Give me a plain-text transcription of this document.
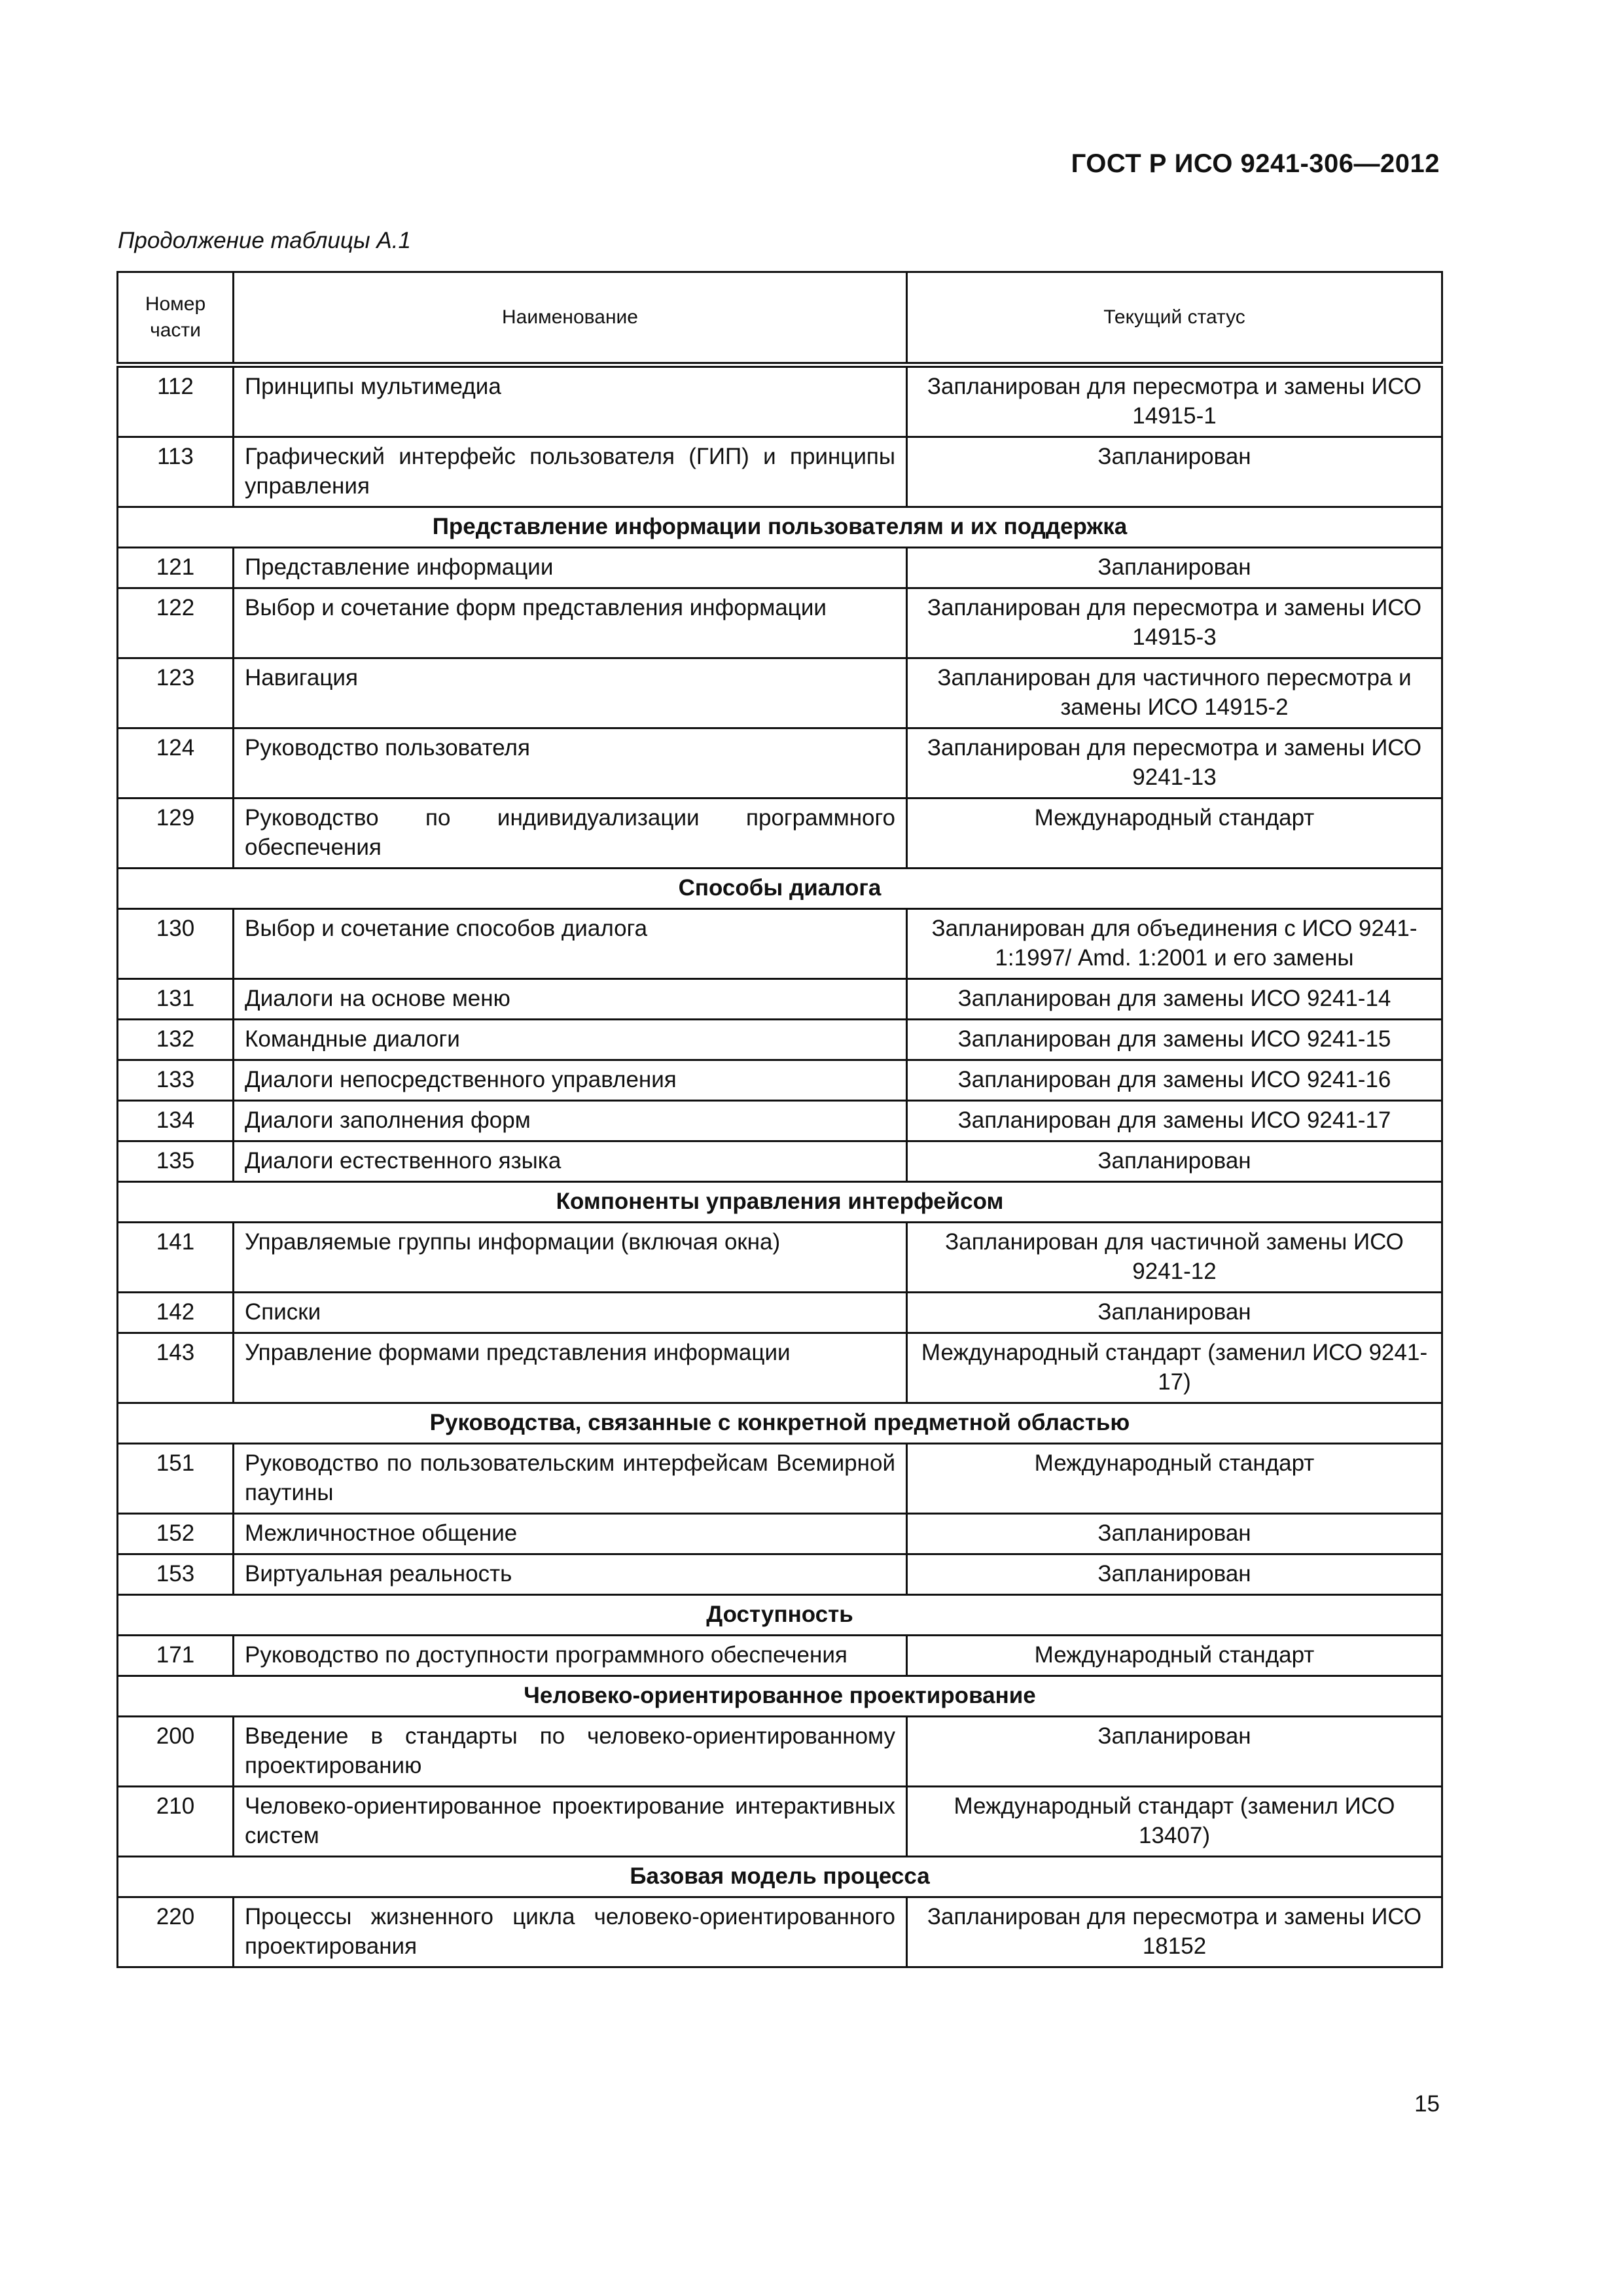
ГОСТ Р ИСО 9241-306—2012
Продолжение таблицы А.1
Номер части	Наименование	Текущий статус
112	Принципы мультимедиа	Запланирован для пересмотра и замены ИСО 14915-1
113	Графический интерфейс пользователя (ГИП) и принципы управления	Запланирован
Представление информации пользователям и их поддержка		
121	Представление информации	Запланирован
122	Выбор и сочетание форм представления информации	Запланирован для пересмотра и замены ИСО 14915-3
123	Навигация	Запланирован для частичного пересмотра и замены ИСО 14915-2
124	Руководство пользователя	Запланирован для пересмотра и замены ИСО 9241-13
129	Руководство по индивидуализации программного обеспечения	Международный стандарт
Способы диалога		
130	Выбор и сочетание способов диалога	Запланирован для объединения с ИСО 9241-1:1997/ Amd. 1:2001 и его замены
131	Диалоги на основе меню	Запланирован для замены ИСО 9241-14
132	Командные диалоги	Запланирован для замены ИСО 9241-15
133	Диалоги непосредственного управления	Запланирован для замены ИСО 9241-16
134	Диалоги заполнения форм	Запланирован для замены ИСО 9241-17
135	Диалоги естественного языка	Запланирован
Компоненты управления интерфейсом		
141	Управляемые группы информации (включая окна)	Запланирован для частичной замены ИСО 9241-12
142	Списки	Запланирован
143	Управление формами представления информации	Международный стандарт (заменил ИСО 9241-17)
Руководства, связанные с конкретной предметной областью		
151	Руководство по пользовательским интерфейсам Всемирной паутины	Международный стандарт
152	Межличностное общение	Запланирован
153	Виртуальная реальность	Запланирован
Доступность		
171	Руководство по доступности программного обеспечения	Международный стандарт
Человеко-ориентированное проектирование		
200	Введение в стандарты по человеко-ориентированному проектированию	Запланирован
210	Человеко-ориентированное проектирование интерактивных систем	Международный стандарт (заменил ИСО 13407)
Базовая модель процесса		
220	Процессы жизненного цикла человеко-ориентированного проектирования	Запланирован для пересмотра и замены ИСО 18152
15
